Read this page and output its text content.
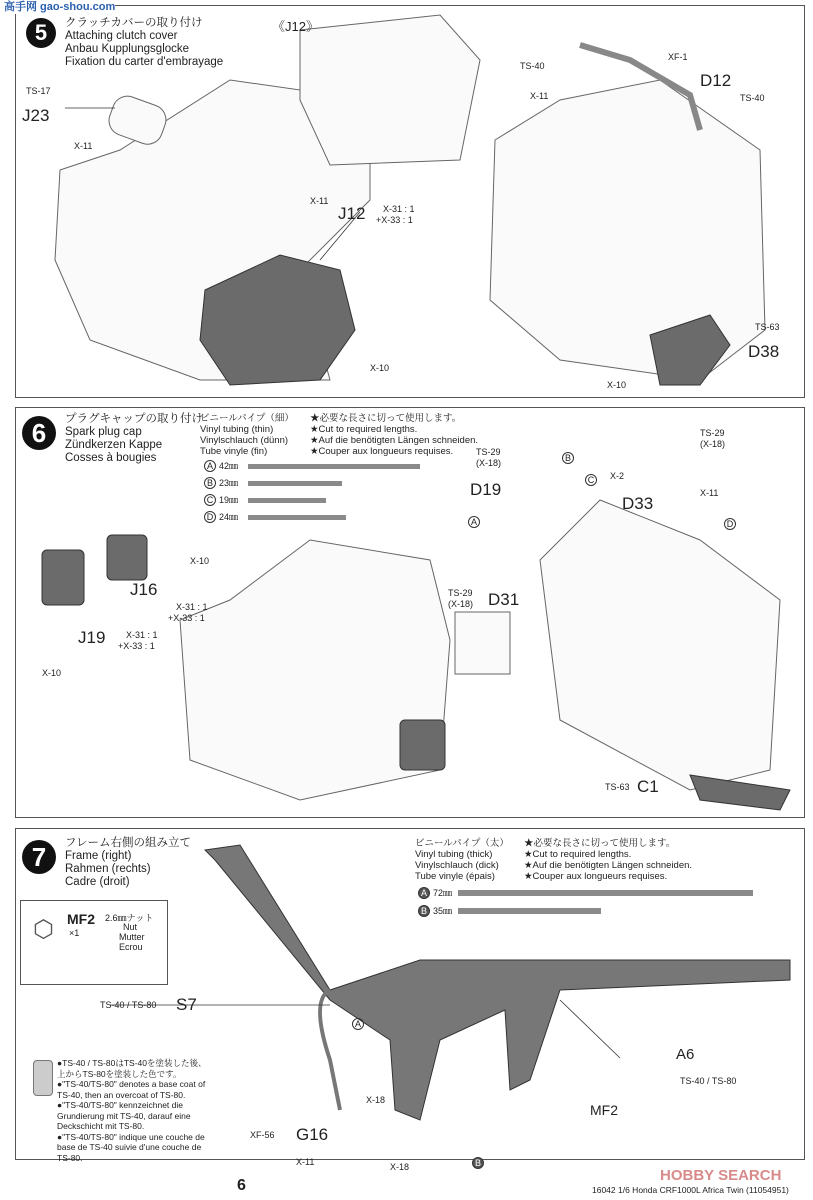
高手网 gao-shou.com
5	クラッチカバーの取り付け
Attaching clutch cover
Anbau Kupplungsglocke
Fixation du carter d'embrayage
《J12》
TS-17
J23
X-11
X-11
J12 X-31 : 1
+X-33 : 1
X-10
TS-40
XF-1
X-11
D12
TS-40
TS-63
D38
X-10
6	プラグキャップの取り付け
Spark plug cap
Zündkerzen Kappe
Cosses à bougies
ビニールパイプ（細）
Vinyl tubing (thin)
Vinylschlauch (dünn)
Tube vinyle (fin)
★必要な長さに切って使用します。
★Cut to required lengths.
★Auf die benötigten Längen schneiden.
★Couper aux longueurs requises.
A 42㎜
B 23㎜
C 19㎜
D 24㎜
TS-29
(X-18)
D19
B
C
A
TS-29
(X-18)
X-2
X-11
D33
D
X-10
J16
X-31 : 1
+X-33 : 1
J19 X-31 : 1
+X-33 : 1
X-10
TS-29
(X-18) D31
TS-63 C1
7	フレーム右側の組み立て
Frame (right)
Rahmen (rechts)
Cadre (droit)
ビニールパイプ（太）
Vinyl tubing (thick)
Vinylschlauch (dick)
Tube vinyle (épais)
★必要な長さに切って使用します。
★Cut to required lengths.
★Auf die benötigten Längen schneiden.
★Couper aux longueurs requises.
A 72㎜
B 35㎜
⬡ MF2
×1
2.6㎜ナット
Nut
Mutter
Ecrou
●TS-40 / TS-80はTS-40を塗装した後、上からTS-80を塗装した色です。
●"TS-40/TS-80" denotes a base coat of TS-40, then an overcoat of TS-80.
●"TS-40/TS-80" kennzeichnet die Grundierung mit TS-40, darauf eine Deckschicht mit TS-80.
●"TS-40/TS-80" indique une couche de base de TS-40 suivie d'une couche de TS-80.
TS-40 / TS-80 S7
A
X-18
XF-56 G16
X-11	X-18
MF2
A6
TS-40 / TS-80
B
6
HOBBY SEARCH
16042 1/6 Honda CRF1000L Africa Twin (11054951)
